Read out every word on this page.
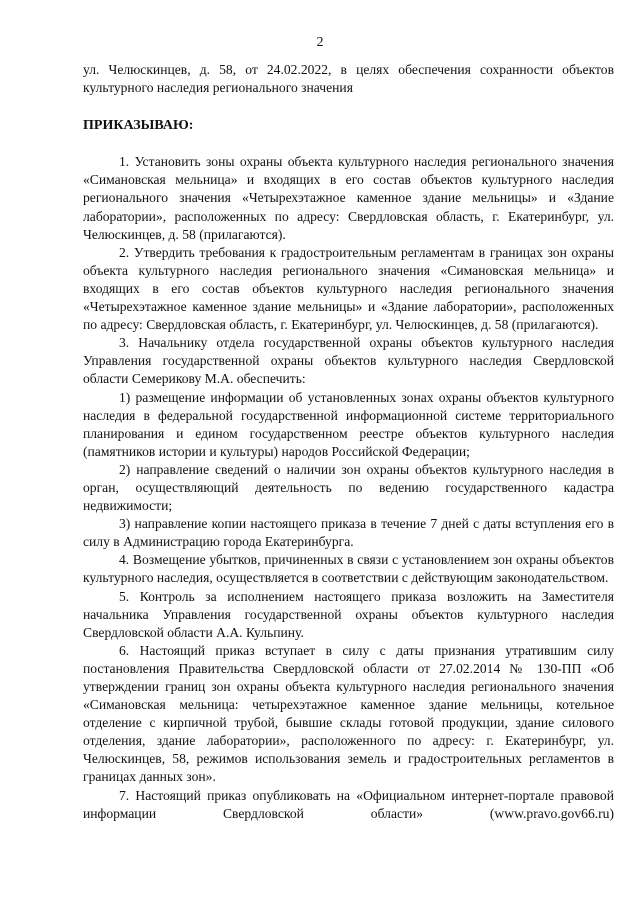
2

ул. Челюскинцев, д. 58, от 24.02.2022, в целях обеспечения сохранности объектов культурного наследия регионального значения

ПРИКАЗЫВАЮ:

1. Установить зоны охраны объекта культурного наследия регионального значения «Симановская мельница» и входящих в его состав объектов культурного наследия регионального значения «Четырехэтажное каменное здание мельницы» и «Здание лаборатории», расположенных по адресу: Свердловская область, г. Екатеринбург, ул. Челюскинцев, д. 58 (прилагаются).

2. Утвердить требования к градостроительным регламентам в границах зон охраны объекта культурного наследия регионального значения «Симановская мельница» и входящих в его состав объектов культурного наследия регионального значения «Четырехэтажное каменное здание мельницы» и «Здание лаборатории», расположенных по адресу: Свердловская область, г. Екатеринбург, ул. Челюскинцев, д. 58 (прилагаются).

3. Начальнику отдела государственной охраны объектов культурного наследия Управления государственной охраны объектов культурного наследия Свердловской области Семерикову М.А. обеспечить:

1) размещение информации об установленных зонах охраны объектов культурного наследия в федеральной государственной информационной системе территориального планирования и едином государственном реестре объектов культурного наследия (памятников истории и культуры) народов Российской Федерации;

2) направление сведений о наличии зон охраны объектов культурного наследия в орган, осуществляющий деятельность по ведению государственного кадастра недвижимости;

3) направление копии настоящего приказа в течение 7 дней с даты вступления его в силу в Администрацию города Екатеринбурга.

4. Возмещение убытков, причиненных в связи с установлением зон охраны объектов культурного наследия, осуществляется в соответствии с действующим законодательством.

5. Контроль за исполнением настоящего приказа возложить на Заместителя начальника Управления государственной охраны объектов культурного наследия Свердловской области А.А. Кульпину.

6. Настоящий приказ вступает в силу с даты признания утратившим силу постановления Правительства Свердловской области от 27.02.2014 № 130-ПП «Об утверждении границ зон охраны объекта культурного наследия регионального значения «Симановская мельница: четырехэтажное каменное здание мельницы, котельное отделение с кирпичной трубой, бывшие склады готовой продукции, здание силового отделения, здание лаборатории», расположенного по адресу: г. Екатеринбург, ул. Челюскинцев, 58, режимов использования земель и градостроительных регламентов в границах данных зон».

7. Настоящий приказ опубликовать на «Официальном интернет-портале правовой информации Свердловской области» (www.pravo.gov66.ru)
